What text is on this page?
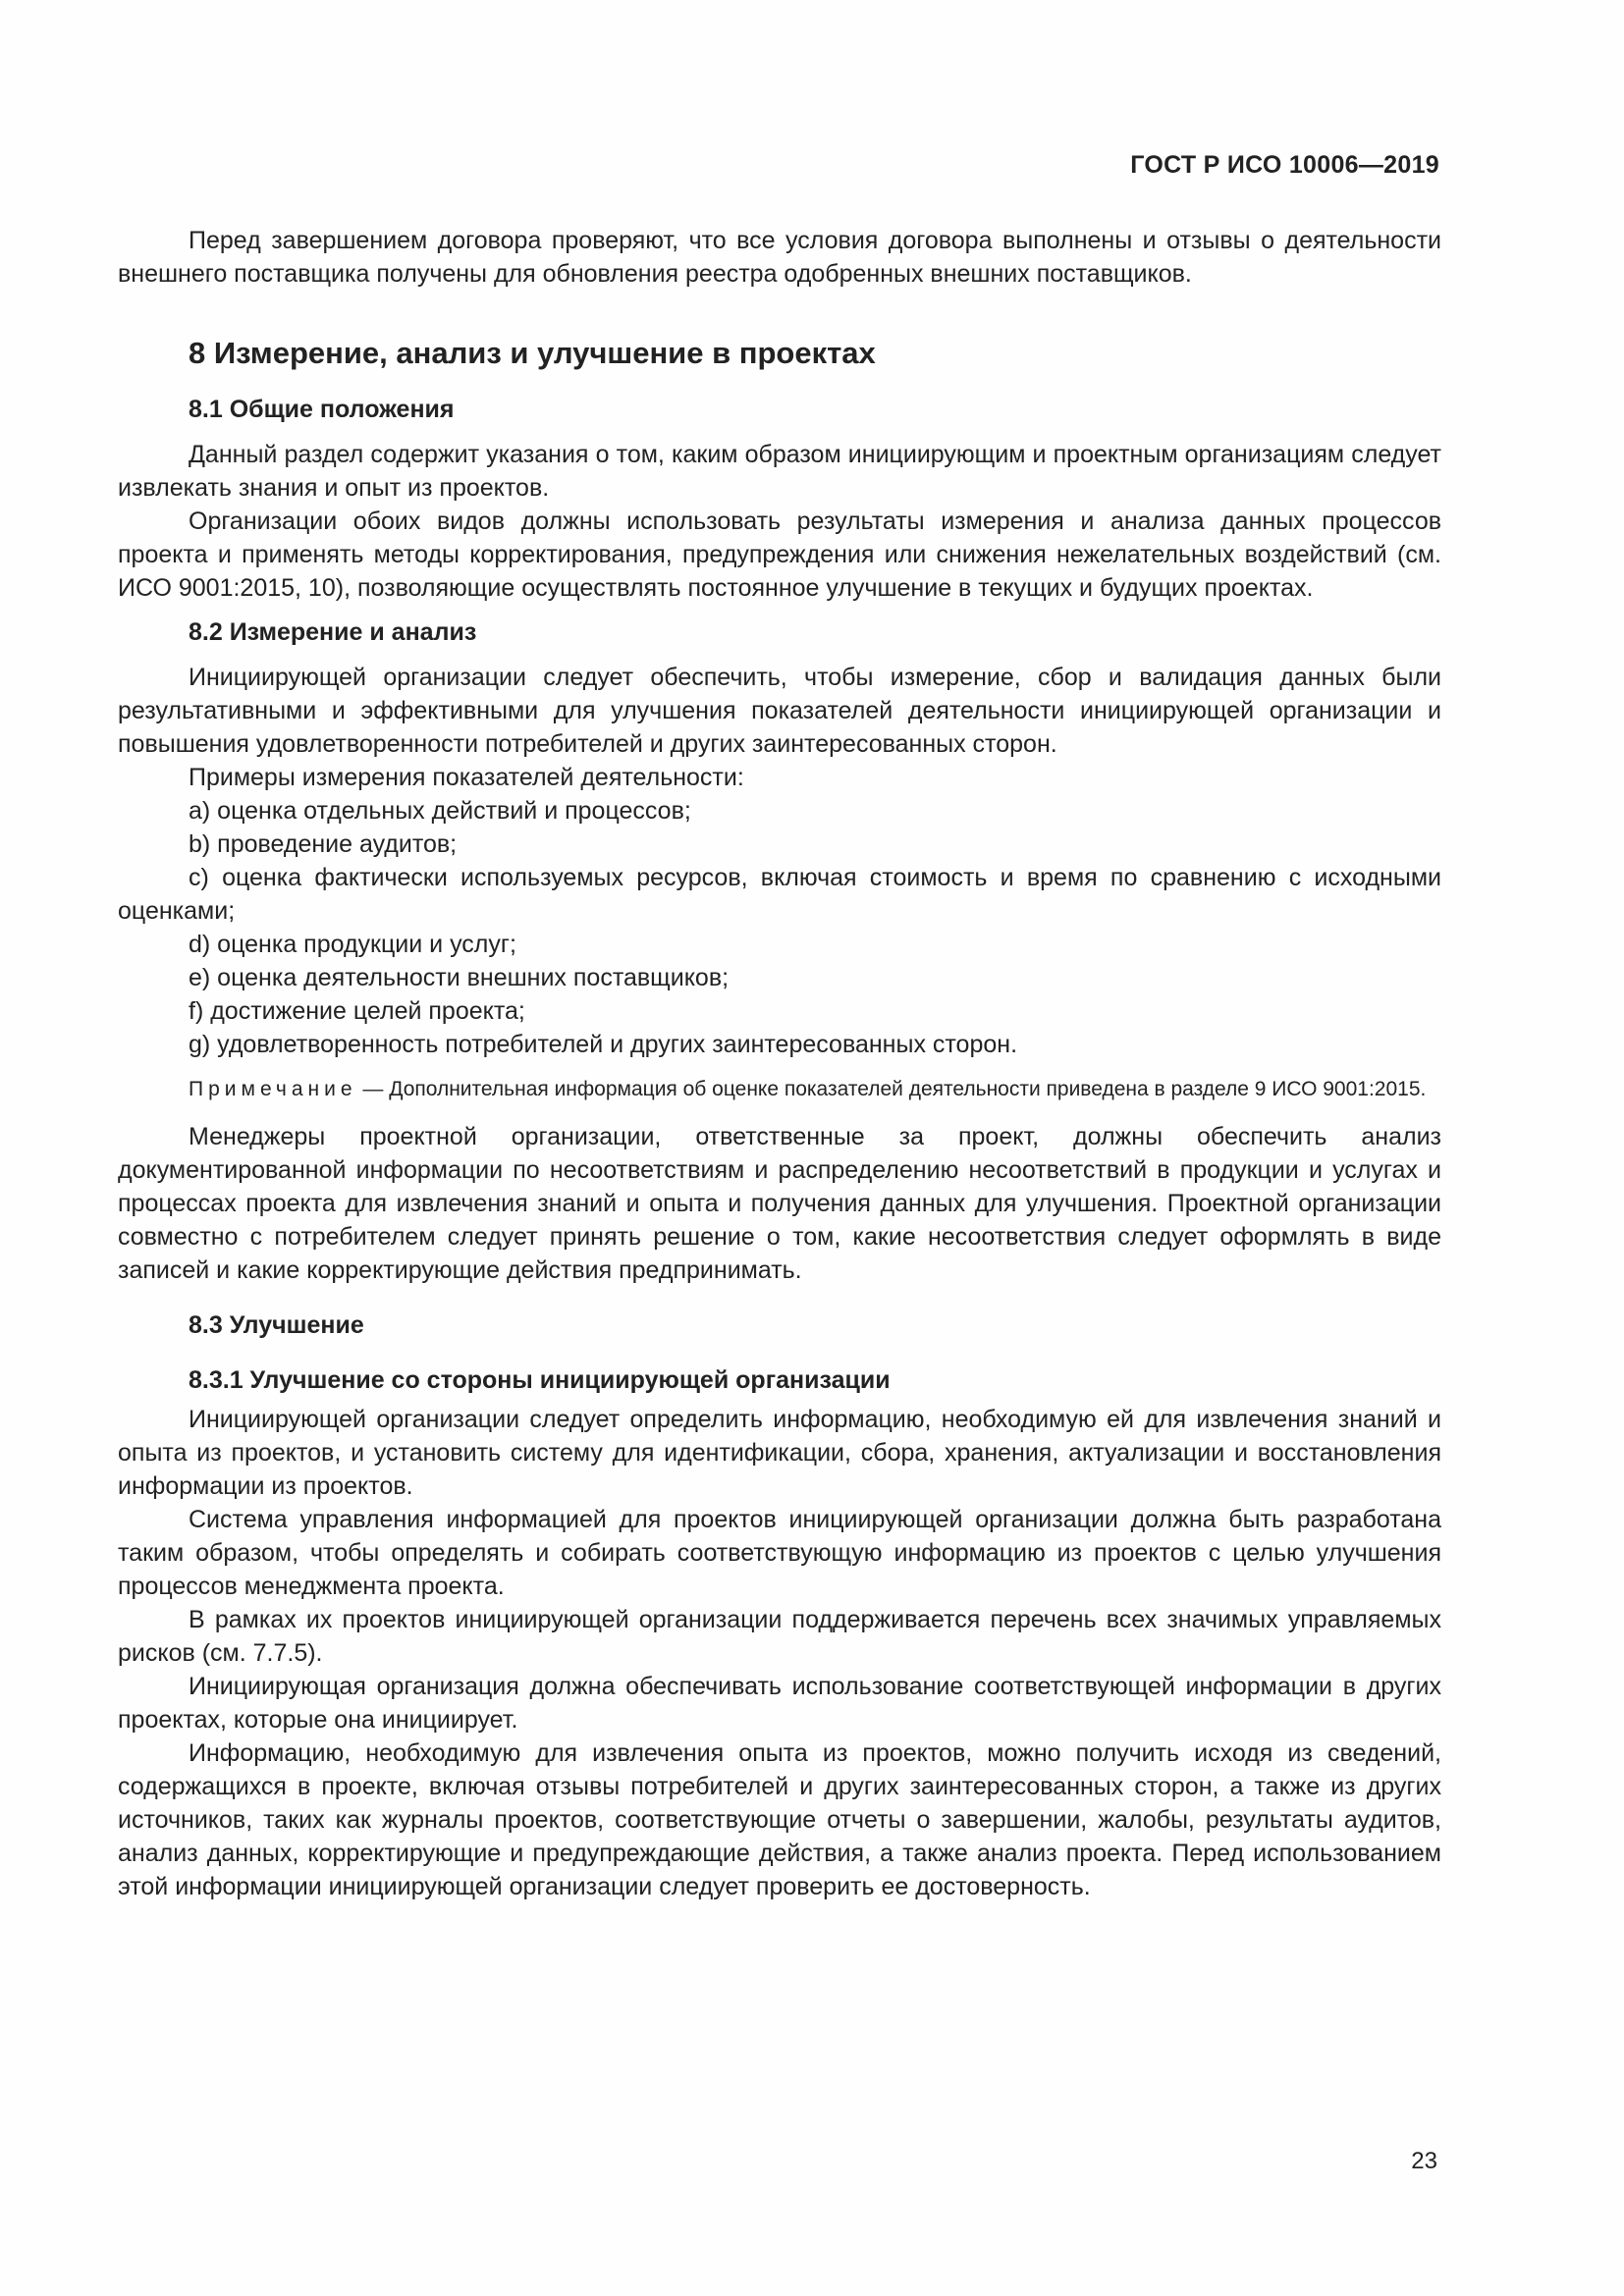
ГОСТ Р ИСО 10006—2019

Перед завершением договора проверяют, что все условия договора выполнены и отзывы о деятельности внешнего поставщика получены для обновления реестра одобренных внешних поставщиков.

8 Измерение, анализ и улучшение в проектах
8.1 Общие положения

Данный раздел содержит указания о том, каким образом инициирующим и проектным организациям следует извлекать знания и опыт из проектов.

Организации обоих видов должны использовать результаты измерения и анализа данных процессов проекта и применять методы корректирования, предупреждения или снижения нежелательных воздействий (см. ИСО 9001:2015, 10), позволяющие осуществлять постоянное улучшение в текущих и будущих проектах.

8.2 Измерение и анализ

Инициирующей организации следует обеспечить, чтобы измерение, сбор и валидация данных были результативными и эффективными для улучшения показателей деятельности инициирующей организации и повышения удовлетворенности потребителей и других заинтересованных сторон.

Примеры измерения показателей деятельности:

a) оценка отдельных действий и процессов;

b) проведение аудитов;

c) оценка фактически используемых ресурсов, включая стоимость и время по сравнению с исходными оценками;

d) оценка продукции и услуг;

e) оценка деятельности внешних поставщиков;

f) достижение целей проекта;

g) удовлетворенность потребителей и других заинтересованных сторон.

Примечание — Дополнительная информация об оценке показателей деятельности приведена в разделе 9 ИСО 9001:2015.

Менеджеры проектной организации, ответственные за проект, должны обеспечить анализ документированной информации по несоответствиям и распределению несоответствий в продукции и услугах и процессах проекта для извлечения знаний и опыта и получения данных для улучшения. Проектной организации совместно с потребителем следует принять решение о том, какие несоответствия следует оформлять в виде записей и какие корректирующие действия предпринимать.

8.3 Улучшение
8.3.1 Улучшение со стороны инициирующей организации

Инициирующей организации следует определить информацию, необходимую ей для извлечения знаний и опыта из проектов, и установить систему для идентификации, сбора, хранения, актуализации и восстановления информации из проектов.

Система управления информацией для проектов инициирующей организации должна быть разработана таким образом, чтобы определять и собирать соответствующую информацию из проектов с целью улучшения процессов менеджмента проекта.

В рамках их проектов инициирующей организации поддерживается перечень всех значимых управляемых рисков (см. 7.7.5).

Инициирующая организация должна обеспечивать использование соответствующей информации в других проектах, которые она инициирует.

Информацию, необходимую для извлечения опыта из проектов, можно получить исходя из сведений, содержащихся в проекте, включая отзывы потребителей и других заинтересованных сторон, а также из других источников, таких как журналы проектов, соответствующие отчеты о завершении, жалобы, результаты аудитов, анализ данных, корректирующие и предупреждающие действия, а также анализ проекта. Перед использованием этой информации инициирующей организации следует проверить ее достоверность.

23
